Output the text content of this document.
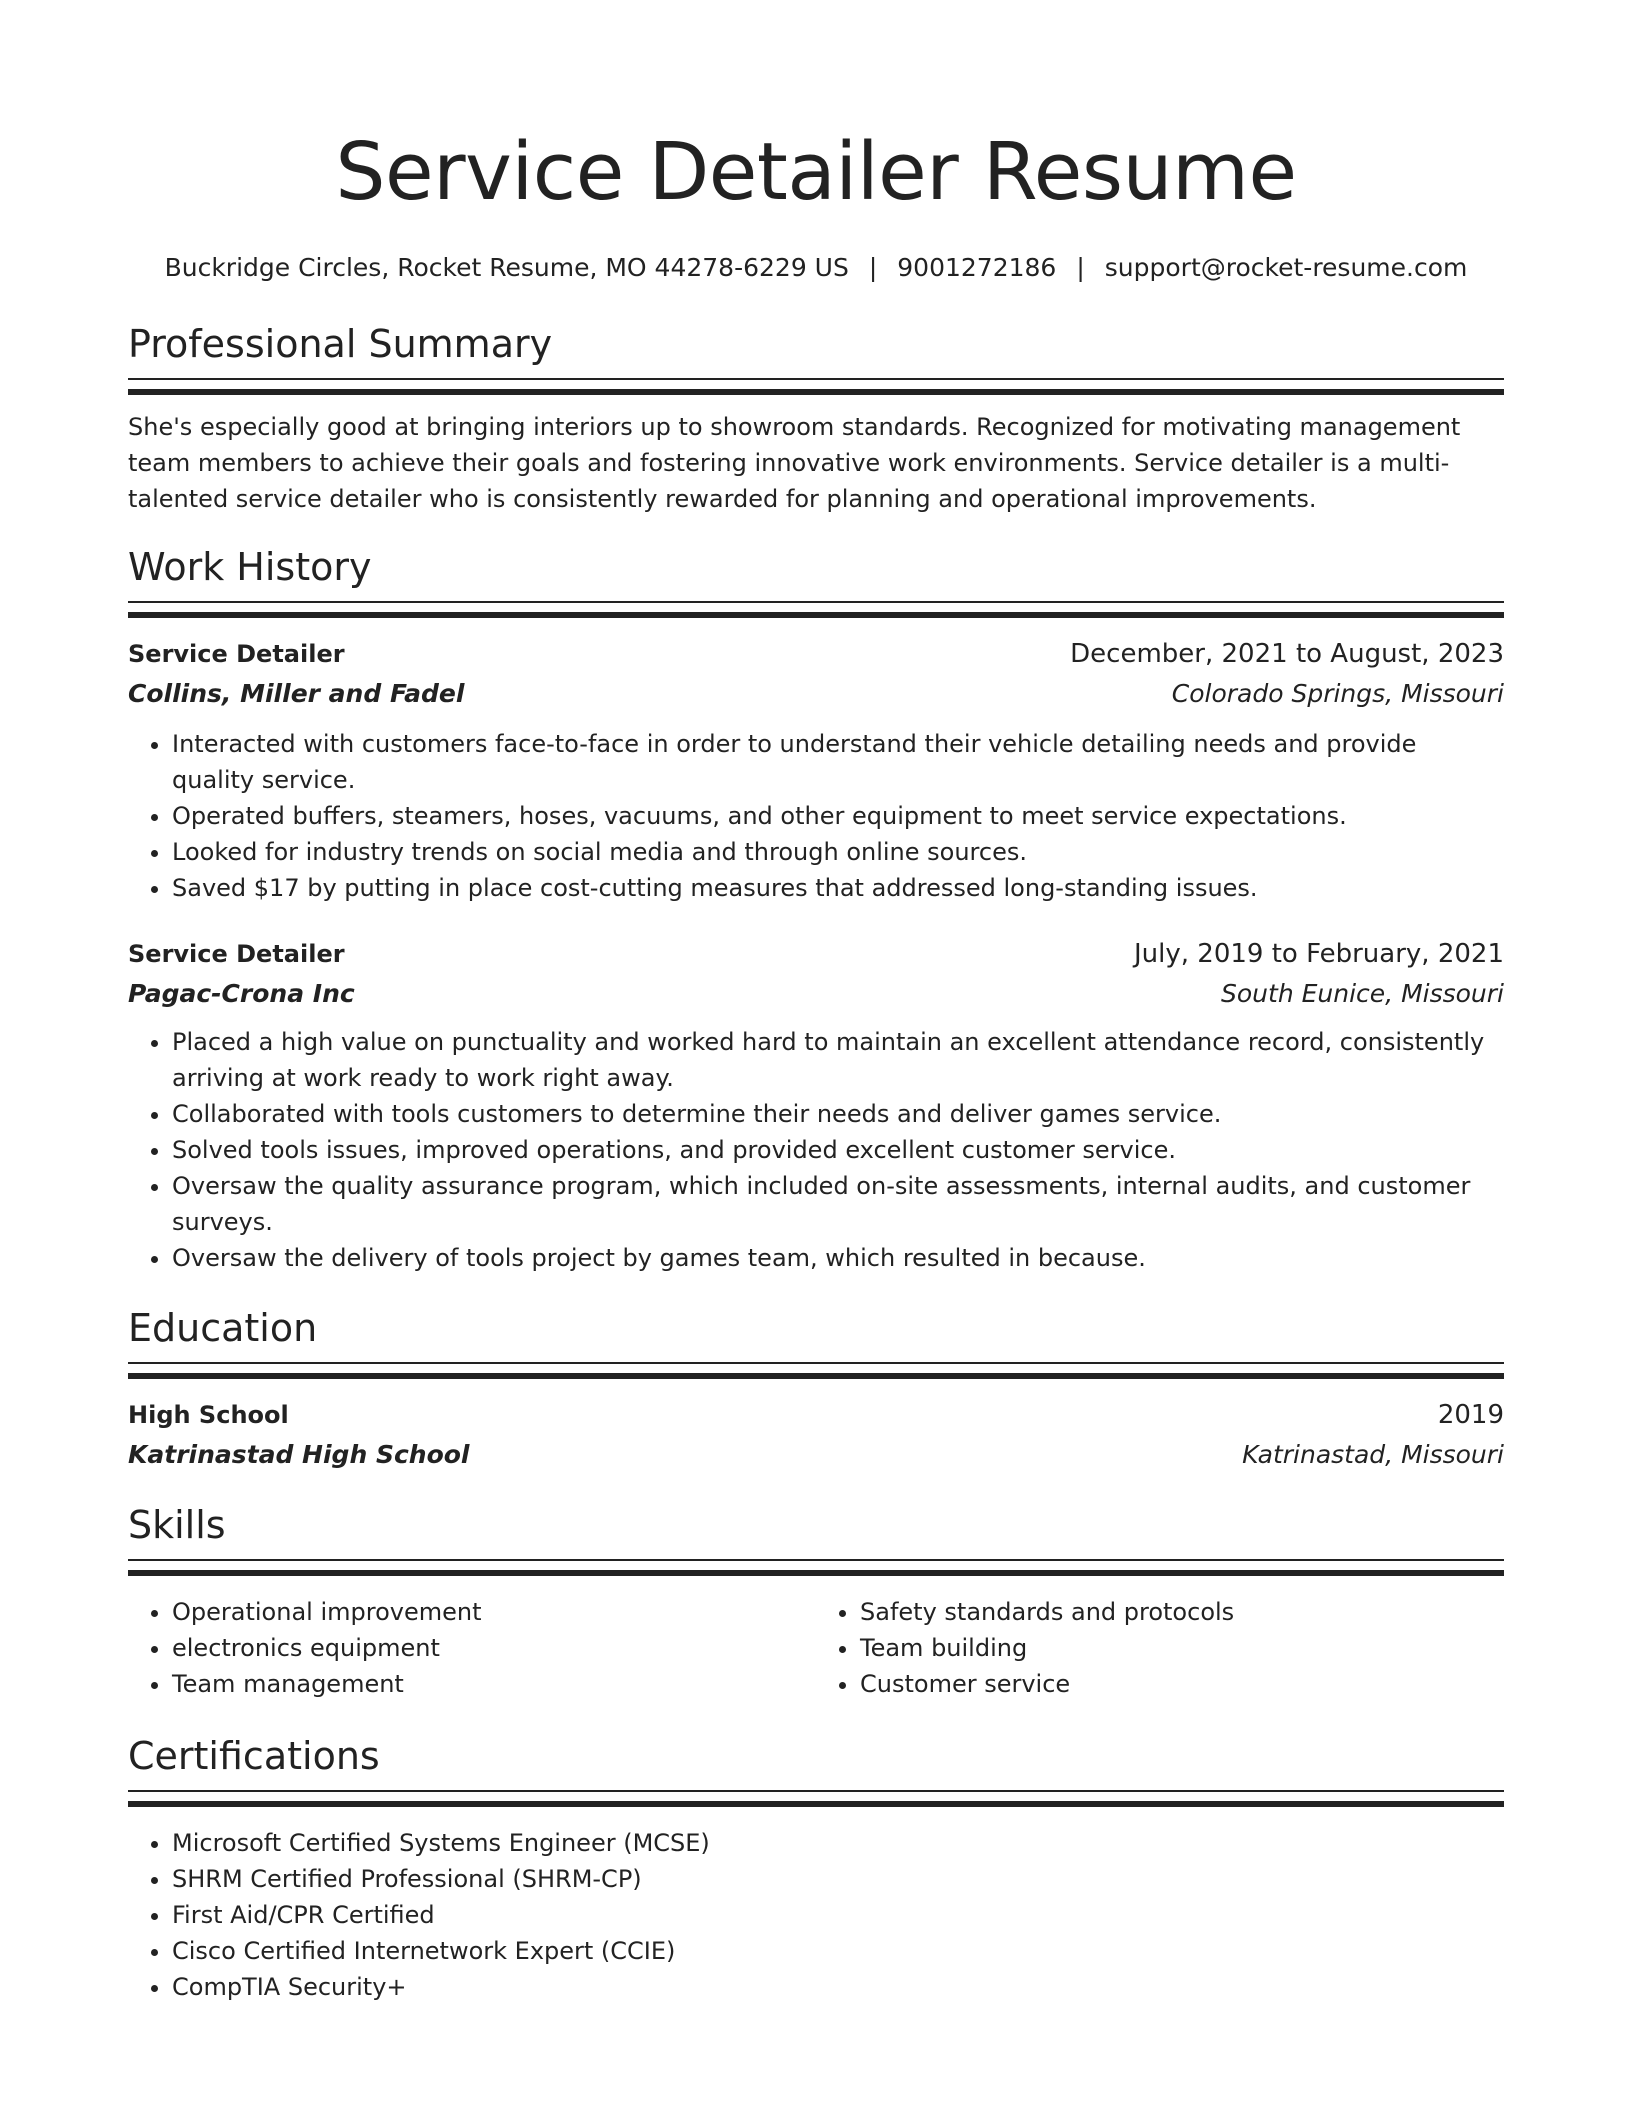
Service Detailer Resume
Buckridge Circles, Rocket Resume, MO 44278-6229 US | 9001272186 | support@rocket-resume.com
Professional Summary

She's especially good at bringing interiors up to showroom standards. Recognized for motivating management team members to achieve their goals and fostering innovative work environments. Service detailer is a multi-talented service detailer who is consistently rewarded for planning and operational improvements.

Work History
Service Detailer	December, 2021 to August, 2023
Collins, Miller and Fadel	Colorado Springs, Missouri
• Interacted with customers face-to-face in order to understand their vehicle detailing needs and provide quality service.
• Operated buffers, steamers, hoses, vacuums, and other equipment to meet service expectations.
• Looked for industry trends on social media and through online sources.
• Saved $17 by putting in place cost-cutting measures that addressed long-standing issues.
Service Detailer	July, 2019 to February, 2021
Pagac-Crona Inc	South Eunice, Missouri
• Placed a high value on punctuality and worked hard to maintain an excellent attendance record, consistently arriving at work ready to work right away.
• Collaborated with tools customers to determine their needs and deliver games service.
• Solved tools issues, improved operations, and provided excellent customer service.
• Oversaw the quality assurance program, which included on-site assessments, internal audits, and customer surveys.
• Oversaw the delivery of tools project by games team, which resulted in because.
Education
High School	2019
Katrinastad High School	Katrinastad, Missouri
Skills
• Operational improvement
• electronics equipment
• Team management
• Safety standards and protocols
• Team building
• Customer service
Certifications
• Microsoft Certified Systems Engineer (MCSE)
• SHRM Certified Professional (SHRM-CP)
• First Aid/CPR Certified
• Cisco Certified Internetwork Expert (CCIE)
• CompTIA Security+
